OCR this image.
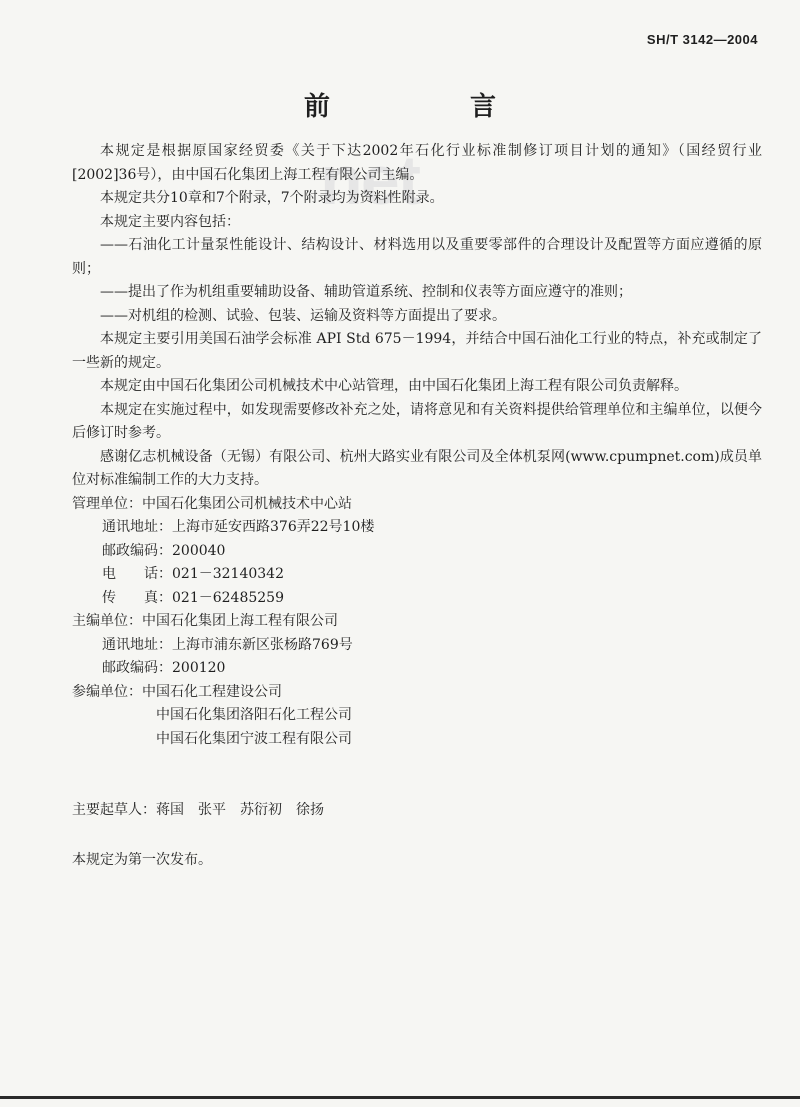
SH/T 3142—2004
net
前言

本规定是根据原国家经贸委《关于下达2002年石化行业标准制修订项目计划的通知》（国经贸行业[2002]36号），由中国石化集团上海工程有限公司主编。

本规定共分10章和7个附录，7个附录均为资料性附录。

本规定主要内容包括：

——石油化工计量泵性能设计、结构设计、材料选用以及重要零部件的合理设计及配置等方面应遵循的原则；

——提出了作为机组重要辅助设备、辅助管道系统、控制和仪表等方面应遵守的准则；

——对机组的检测、试验、包装、运输及资料等方面提出了要求。

本规定主要引用美国石油学会标准 API Std 675－1994，并结合中国石油化工行业的特点，补充或制定了一些新的规定。

本规定由中国石化集团公司机械技术中心站管理，由中国石化集团上海工程有限公司负责解释。

本规定在实施过程中，如发现需要修改补充之处，请将意见和有关资料提供给管理单位和主编单位，以便今后修订时参考。

感谢亿志机械设备（无锡）有限公司、杭州大路实业有限公司及全体机泵网(www.cpumpnet.com)成员单位对标准编制工作的大力支持。

管理单位：中国石化集团公司机械技术中心站

通讯地址：上海市延安西路376弄22号10楼

邮政编码：200040

电　　话：021－32140342

传　　真：021－62485259

主编单位：中国石化集团上海工程有限公司

通讯地址：上海市浦东新区张杨路769号

邮政编码：200120

参编单位：中国石化工程建设公司

中国石化集团洛阳石化工程公司

中国石化集团宁波工程有限公司

主要起草人：蒋国　张平　苏衍初　徐扬

本规定为第一次发布。
